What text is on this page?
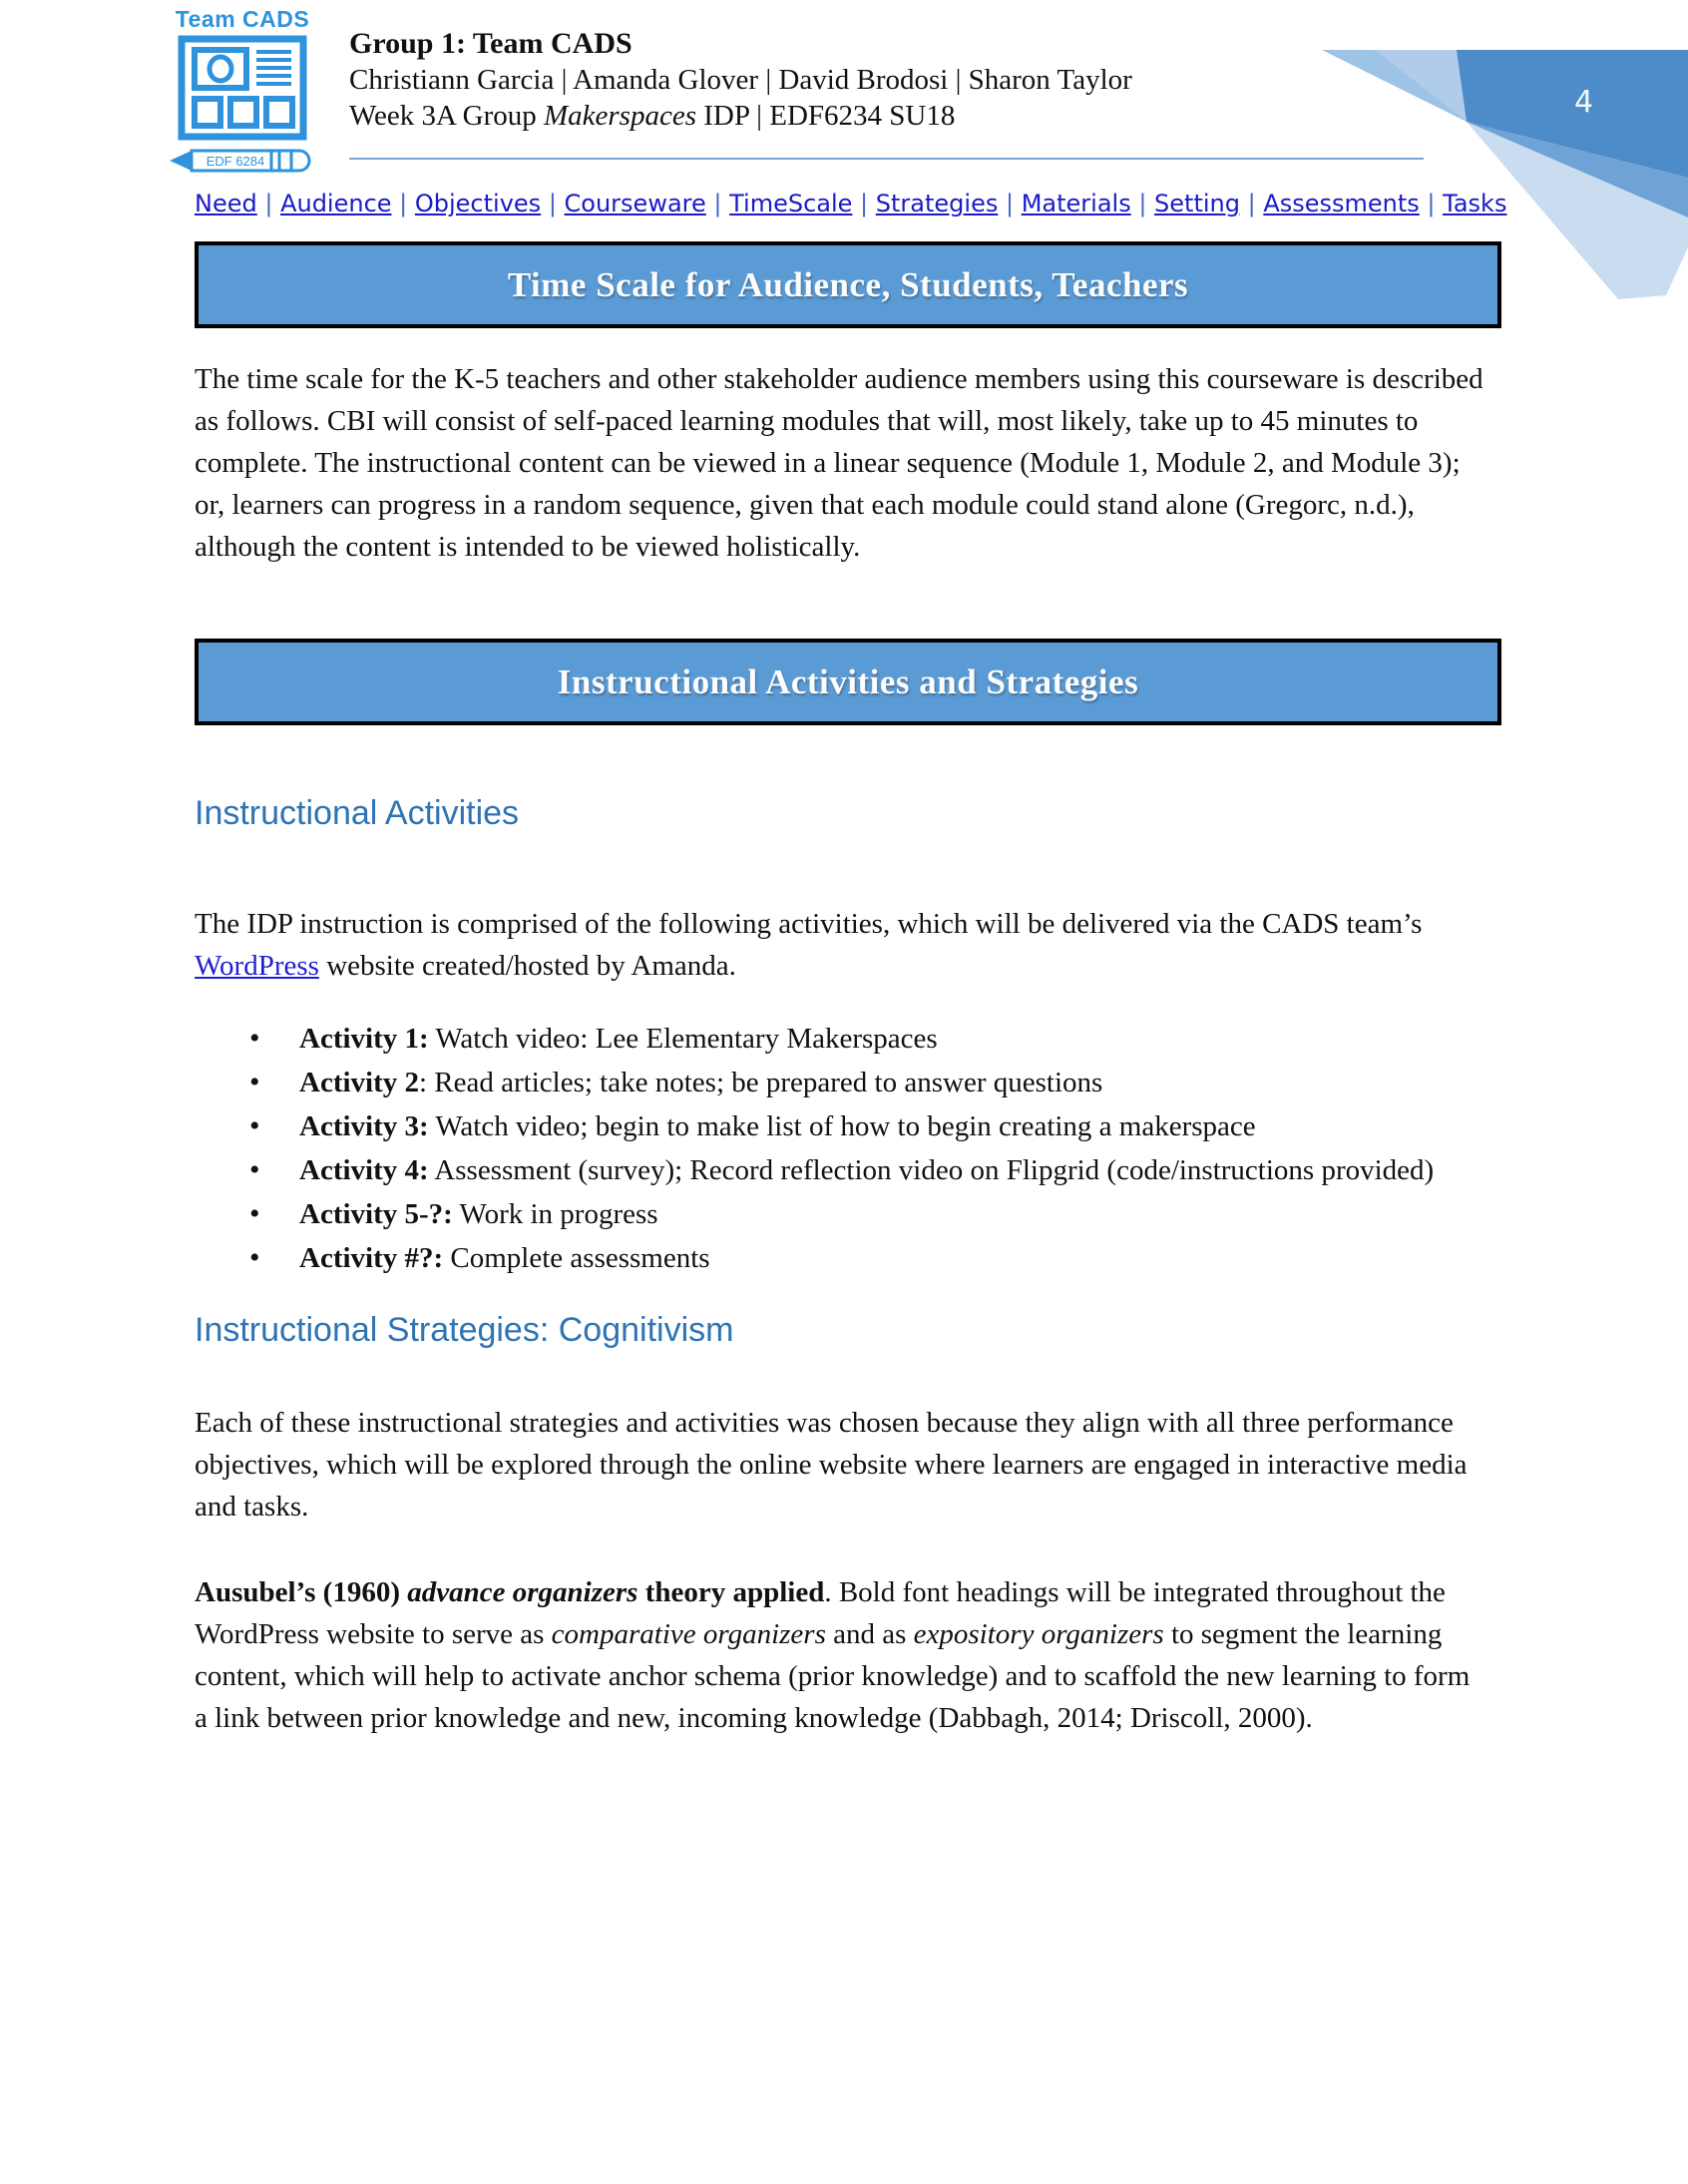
4
Team CADS

EDF 6284
Group 1: Team CADS
Christiann Garcia | Amanda Glover | David Brodosi | Sharon Taylor
Week 3A Group Makerspaces IDP | EDF6234 SU18
Need | Audience | Objectives | Courseware | TimeScale | Strategies | Materials | Setting | Assessments | Tasks
Time Scale for Audience, Students, Teachers

The time scale for the K-5 teachers and other stakeholder audience members using this courseware is described as follows. CBI will consist of self-paced learning modules that will, most likely, take up to 45 minutes to complete. The instructional content can be viewed in a linear sequence (Module 1, Module 2, and Module 3); or, learners can progress in a random sequence, given that each module could stand alone (Gregorc, n.d.), although the content is intended to be viewed holistically.

Instructional Activities and Strategies
Instructional Activities

The IDP instruction is comprised of the following activities, which will be delivered via the CADS team’s WordPress website created/hosted by Amanda.

• Activity 1: Watch video: Lee Elementary Makerspaces
• Activity 2: Read articles; take notes; be prepared to answer questions
• Activity 3: Watch video; begin to make list of how to begin creating a makerspace
• Activity 4: Assessment (survey); Record reflection video on Flipgrid (code/instructions provided)
• Activity 5-?: Work in progress
• Activity #?: Complete assessments
Instructional Strategies: Cognitivism

Each of these instructional strategies and activities was chosen because they align with all three performance objectives, which will be explored through the online website where learners are engaged in interactive media and tasks.

Ausubel’s (1960) advance organizers theory applied. Bold font headings will be integrated throughout the WordPress website to serve as comparative organizers and as expository organizers to segment the learning content, which will help to activate anchor schema (prior knowledge) and to scaffold the new learning to form a link between prior knowledge and new, incoming knowledge (Dabbagh, 2014; Driscoll, 2000).
